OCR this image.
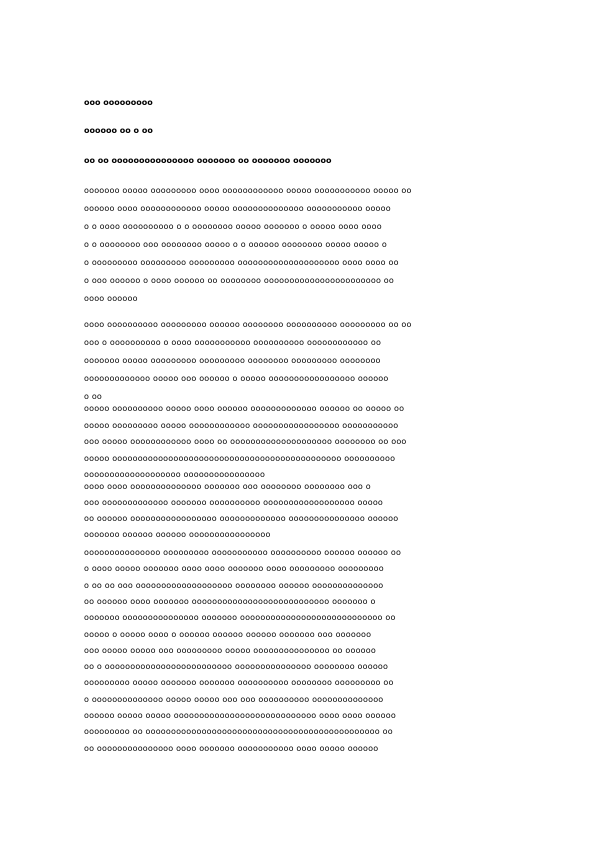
ооо ооооооооо
оооооо оо о оо
оо оо ооооооооооооооо ооооооо оо ооооооо ооооооо
ооооооо ооооо ооооооооо оооо оооооооооооо ооооо ооооооооооо ооооо оо
оооооо оооо оооооооооооо ооооо оооооооооооооо ооооооооооо ооооо
о о оооо оооооооооо о о оооооооо ооооо ооооооо о ооооо оооо оооо
о о оооооооо ооо оооооооо ооооо о о оооооо оооооооо ооооо ооооо о
о ооооооооо ооооооооо ооооооооо оооооооооооооооооооо оооо оооо оо
о ооо оооооо о оооо оооооо оо оооооооо ооооооооооооооооооооооо оо
оооо оооооо
оооо оооооооооо ооооооооо оооооо оооооооо оооооооооо ооооооооо оо оо
ооо о оооооооооо о оооо ооооооооооо оооооооооо оооооооооооо оо
ооооооо ооооо ооооооооо ооооооооо оооооооо ооооооооо оооооооо
ооооооооооооо ооооо ооо оооооо о ооооо ооооооооооооооооо оооооо
о оо
ооооо оооооооооо ооооо оооо оооооо ооооооооооооо оооооо оо ооооо оо
ооооо ооооооооо ооооо оооооооооооо ооооооооооооооооо ооооооооооо
ооо ооооо оооооооооооо оооо оо оооооооооооооооооооо оооооооо оо ооо
ооооо ооооооооооооооооооооооооооооооооооооооооооооо оооооооооо
ооооооооооооооооооо оооооооооооооооо
оооо оооо оооооооооооооо ооооооо ооо оооооооо оооооооо ооо о
ооо ооооооооооооо ооооооо оооооооооо оооооооооооооооооо ооооо
оо оооооо ооооооооооооооооо ооооооооооооо ооооооооооооооо оооооо
ооооооо оооооо оооооо оооооооооооооооо
ооооооооооооооо ооооооооо ооооооооооо оооооооооо оооооо оооооо оо
о оооо ооооо ооооооо оооо оооо ооооооо оооо ооооооооо ооооооооо
о оо оо ооо ооооооооооооооооооо оооооооо оооооо оооооооооооооо
оо оооооо оооо ооооооо ооооооооооооооооооооооооооо ооооооо о
ооооооо ооооооооооооооо ооооооо оооооооооооооооооооооооооооо оо
ооооо о ооооо оооо о оооооо оооооо оооооо ооооооо ооо ооооооо
ооо ооооо ооооо ооо ооооооооо ооооо ооооооооооооооо оо оооооо
оо о ооооооооооооооооооооооооо ооооооооооооооо оооооооо оооооо
ооооооооо ооооо ооооооо ооооооо оооооооооо оооооооо ооооооооо оо
о оооооооооооооо ооооо ооооо ооо ооо оооооооооо оооооооооооооо
оооооо ооооо ооооо оооооооооооооооооооооооооооо оооо оооо оооооо
ооооооооо оо оооооооооооооооооооооооооооооооооооооооооооооо оо
оо ооооооооооооооо оооо ооооооо ооооооооооо оооо ооооо оооооо
